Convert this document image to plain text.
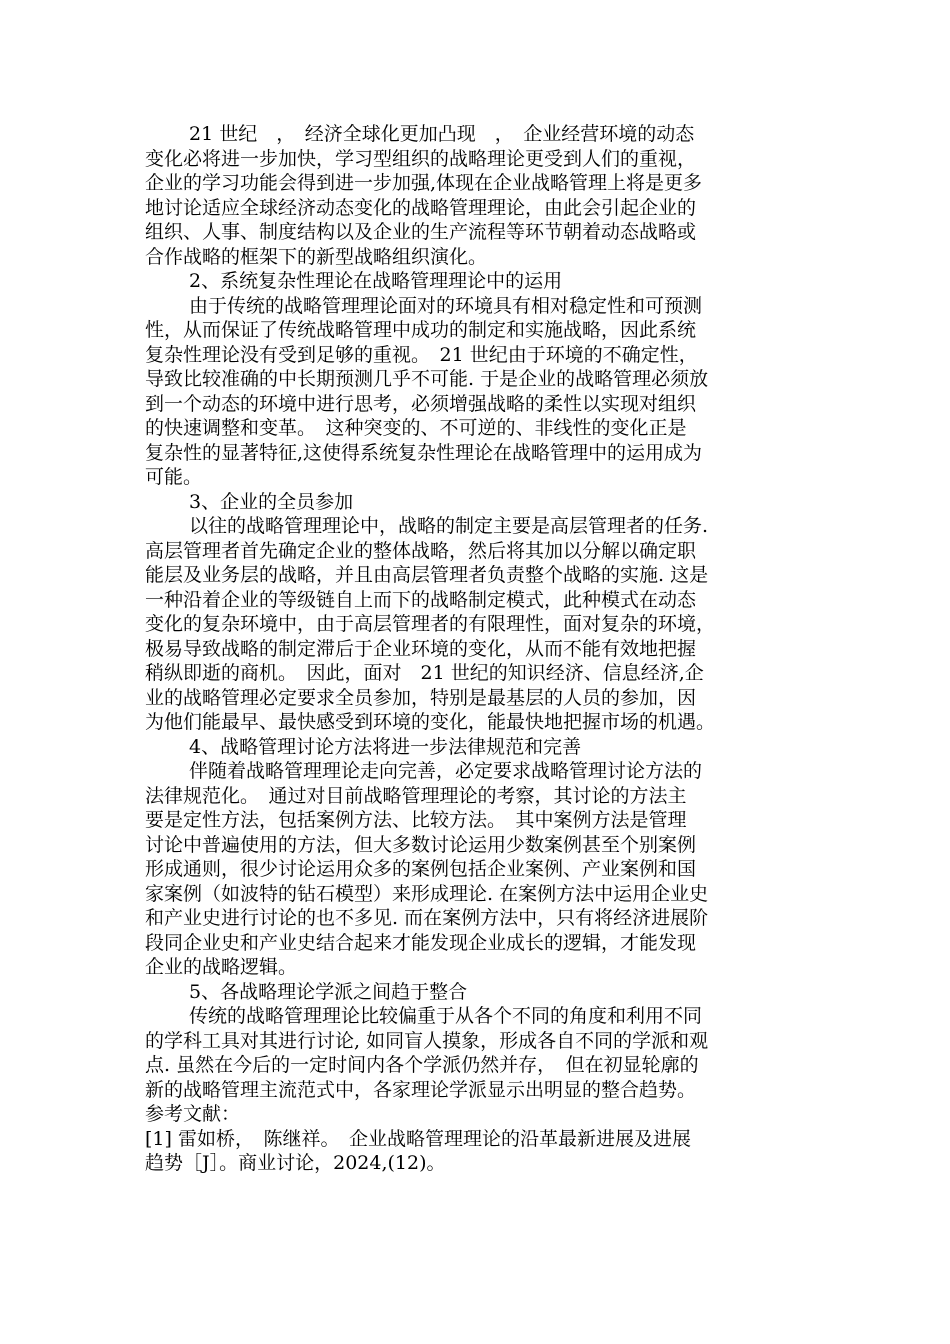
21 世纪　，　经济全球化更加凸现　，　企业经营环境的动态
变化必将进一步加快，学习型组织的战略理论更受到人们的重视，
企业的学习功能会得到进一步加强,体现在企业战略管理上将是更多
地讨论适应全球经济动态变化的战略管理理论，由此会引起企业的
组织、人事、制度结构以及企业的生产流程等环节朝着动态战略或
合作战略的框架下的新型战略组织演化。
2、系统复杂性理论在战略管理理论中的运用
由于传统的战略管理理论面对的环境具有相对稳定性和可预测
性，从而保证了传统战略管理中成功的制定和实施战略，因此系统
复杂性理论没有受到足够的重视。　21 世纪由于环境的不确定性，
导致比较准确的中长期预测几乎不可能. 于是企业的战略管理必须放
到一个动态的环境中进行思考，必须增强战略的柔性以实现对组织
的快速调整和变革。　这种突变的、不可逆的、非线性的变化正是
复杂性的显著特征,这使得系统复杂性理论在战略管理中的运用成为
可能。
3、企业的全员参加
以往的战略管理理论中，战略的制定主要是高层管理者的任务.
高层管理者首先确定企业的整体战略，然后将其加以分解以确定职
能层及业务层的战略，并且由高层管理者负责整个战略的实施. 这是
一种沿着企业的等级链自上而下的战略制定模式，此种模式在动态
变化的复杂环境中，由于高层管理者的有限理性，面对复杂的环境，
极易导致战略的制定滞后于企业环境的变化，从而不能有效地把握
稍纵即逝的商机。　因此，面对　21 世纪的知识经济、信息经济,企
业的战略管理必定要求全员参加，特别是最基层的人员的参加，因
为他们能最早、最快感受到环境的变化，能最快地把握市场的机遇。
4、战略管理讨论方法将进一步法律规范和完善
伴随着战略管理理论走向完善，必定要求战略管理讨论方法的
法律规范化。　通过对目前战略管理理论的考察，其讨论的方法主
要是定性方法，包括案例方法、比较方法。　其中案例方法是管理
讨论中普遍使用的方法，但大多数讨论运用少数案例甚至个别案例
形成通则，很少讨论运用众多的案例包括企业案例、产业案例和国
家案例（如波特的钻石模型）来形成理论. 在案例方法中运用企业史
和产业史进行讨论的也不多见. 而在案例方法中，只有将经济进展阶
段同企业史和产业史结合起来才能发现企业成长的逻辑，才能发现
企业的战略逻辑。
5、各战略理论学派之间趋于整合
传统的战略管理理论比较偏重于从各个不同的角度和利用不同
的学科工具对其进行讨论, 如同盲人摸象，形成各自不同的学派和观
点. 虽然在今后的一定时间内各个学派仍然并存，　但在初显轮廓的
新的战略管理主流范式中，各家理论学派显示出明显的整合趋势。
参考文献：
[1] 雷如桥，　陈继祥。　企业战略管理理论的沿革最新进展及进展
趋势［J］。商业讨论，2024,(12)。
